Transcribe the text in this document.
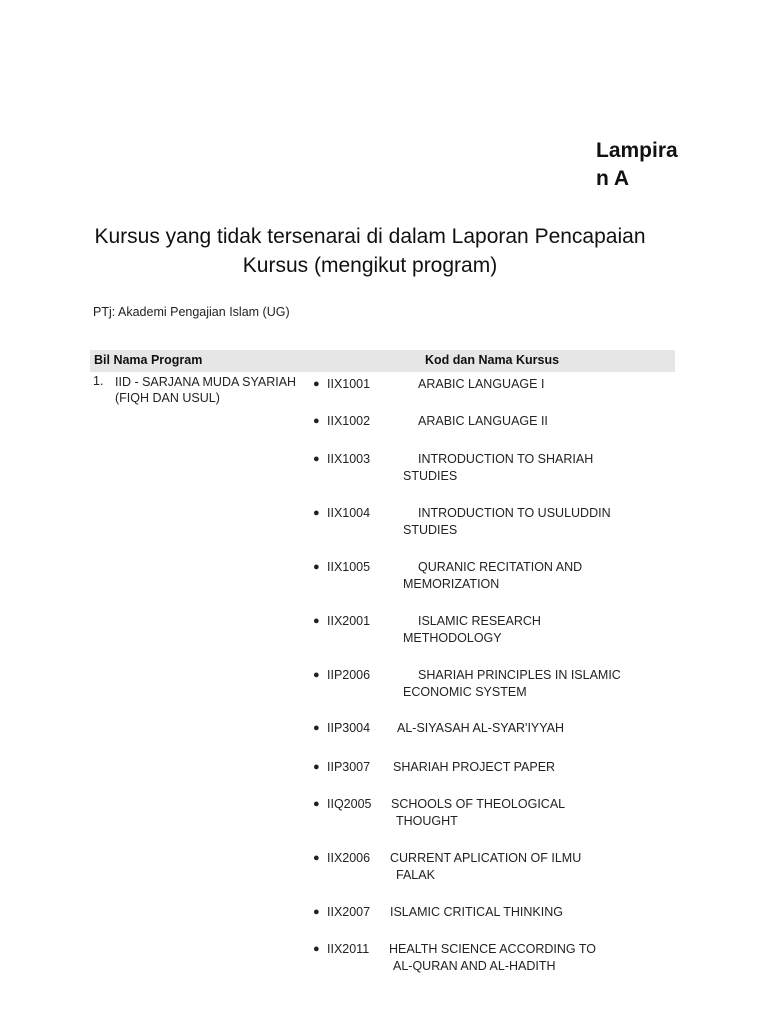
Lampiran A
Kursus yang tidak tersenarai di dalam Laporan Pencapaian
Kursus (mengikut program)
PTj: Akademi Pengajian Islam (UG)
Bil Nama Program	Kod dan Nama Kursus
1. IID - SARJANA MUDA SYARIAH (FIQH DAN USUL)
● IIX1001	ARABIC LANGUAGE I
● IIX1002	ARABIC LANGUAGE II
● IIX1003	INTRODUCTION TO SHARIAH
STUDIES
● IIX1004	INTRODUCTION TO USULUDDIN
STUDIES
● IIX1005	QURANIC RECITATION AND
MEMORIZATION
● IIX2001	ISLAMIC RESEARCH
METHODOLOGY
● IIP2006	SHARIAH PRINCIPLES IN ISLAMIC
ECONOMIC SYSTEM
● IIP3004 AL-SIYASAH AL-SYAR'IYYAH
● IIP3007 SHARIAH PROJECT PAPER
● IIQ2005 SCHOOLS OF THEOLOGICAL
THOUGHT
● IIX2006 CURRENT APLICATION OF ILMU
FALAK
● IIX2007 ISLAMIC CRITICAL THINKING
● IIX2011 HEALTH SCIENCE ACCORDING TO
AL-QURAN AND AL-HADITH
